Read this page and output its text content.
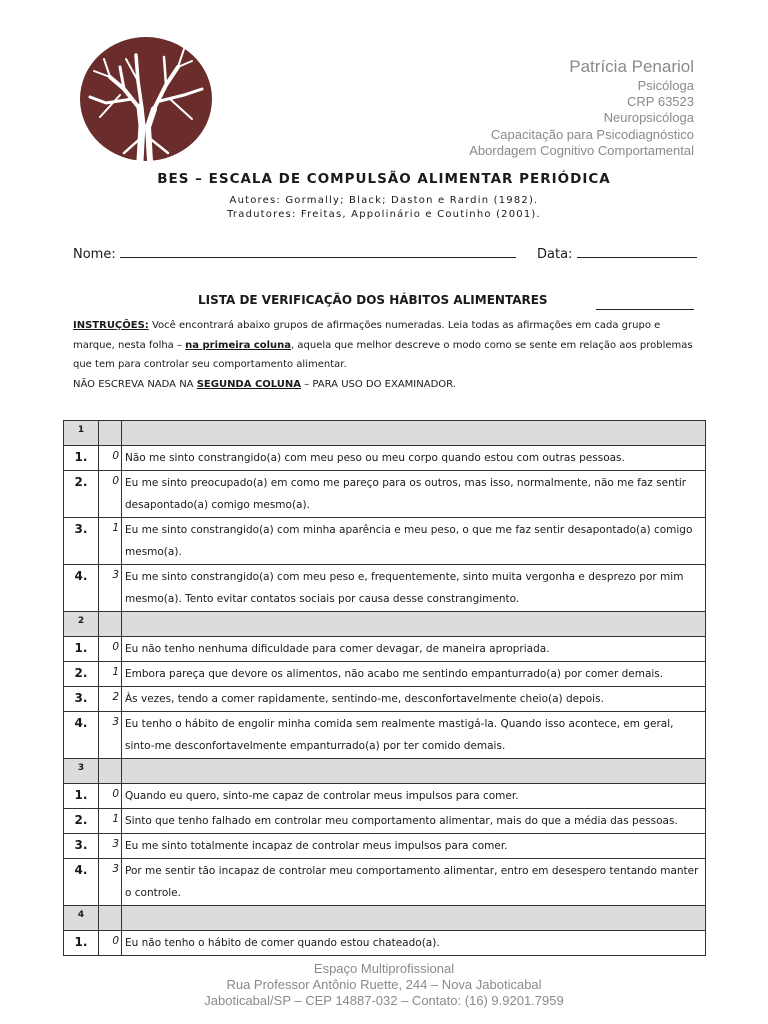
Patrícia Penariol
Psicóloga
CRP 63523
Neuropsicóloga
Capacitação para Psicodiagnóstico
Abordagem Cognitivo Comportamental
BES – ESCALA DE COMPULSÃO ALIMENTAR PERIÓDICA
Autores: Gormally; Black; Daston e Rardin (1982).
Tradutores: Freitas, Appolinário e Coutinho (2001).
Nome:	Data:
LISTA DE VERIFICAÇÃO DOS HÁBITOS ALIMENTARES

INSTRUÇÕES: Você encontrará abaixo grupos de afirmações numeradas. Leia todas as afirmações em cada grupo e marque, nesta folha – na primeira coluna, aquela que melhor descreve o modo como se sente em relação aos problemas que tem para controlar seu comportamento alimentar.

NÃO ESCREVA NADA NA SEGUNDA COLUNA – PARA USO DO EXAMINADOR.

1		
1.	0	Não me sinto constrangido(a) com meu peso ou meu corpo quando estou com outras pessoas.
2.	0	Eu me sinto preocupado(a) em como me pareço para os outros, mas isso, normalmente, não me faz sentir desapontado(a) comigo mesmo(a).
3.	1	Eu me sinto constrangido(a) com minha aparência e meu peso, o que me faz sentir desapontado(a) comigo mesmo(a).
4.	3	Eu me sinto constrangido(a) com meu peso e, frequentemente, sinto muita vergonha e desprezo por mim mesmo(a). Tento evitar contatos sociais por causa desse constrangimento.
2		
1.	0	Eu não tenho nenhuma dificuldade para comer devagar, de maneira apropriada.
2.	1	Embora pareça que devore os alimentos, não acabo me sentindo empanturrado(a) por comer demais.
3.	2	Às vezes, tendo a comer rapidamente, sentindo-me, desconfortavelmente cheio(a) depois.
4.	3	Eu tenho o hábito de engolir minha comida sem realmente mastigá-la. Quando isso acontece, em geral, sinto-me desconfortavelmente empanturrado(a) por ter comido demais.
3		
1.	0	Quando eu quero, sinto-me capaz de controlar meus impulsos para comer.
2.	1	Sinto que tenho falhado em controlar meu comportamento alimentar, mais do que a média das pessoas.
3.	3	Eu me sinto totalmente incapaz de controlar meus impulsos para comer.
4.	3	Por me sentir tão incapaz de controlar meu comportamento alimentar, entro em desespero tentando manter o controle.
4		
1.	0	Eu não tenho o hábito de comer quando estou chateado(a).
Espaço Multiprofissional
Rua Professor Antônio Ruette, 244 – Nova Jaboticabal
Jaboticabal/SP – CEP 14887-032 – Contato: (16) 9.9201.7959
